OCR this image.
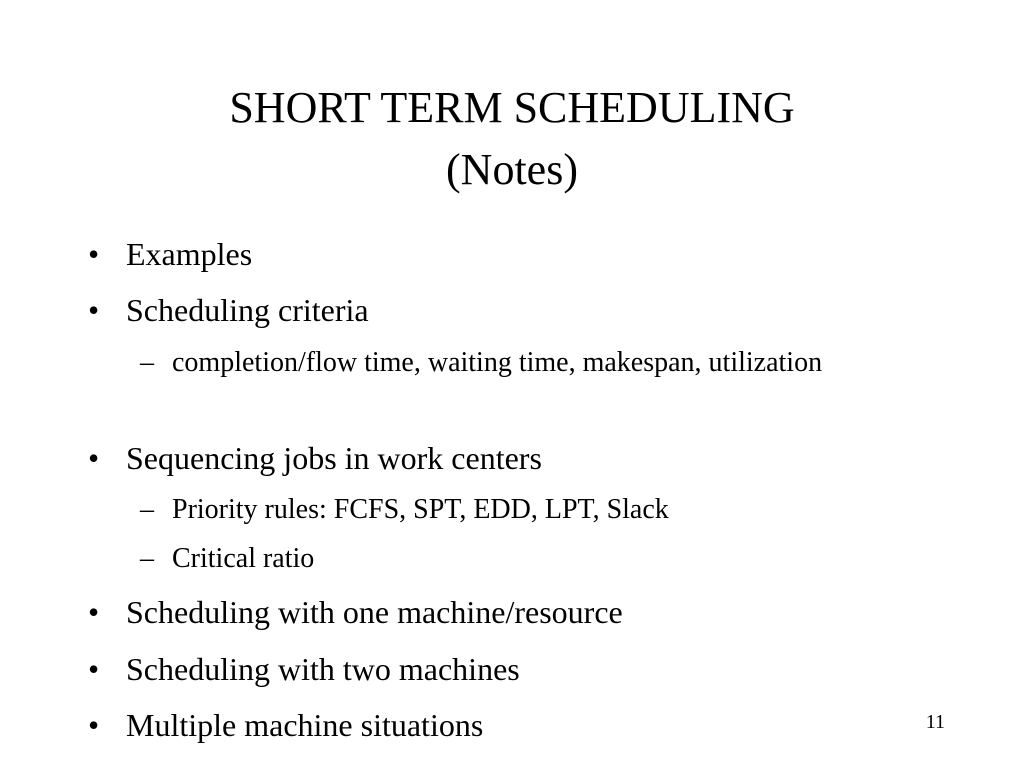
SHORT TERM SCHEDULING
(Notes)
• Examples
• Scheduling criteria
– completion/flow time, waiting time, makespan, utilization
• Sequencing jobs in work centers
– Priority rules: FCFS, SPT, EDD, LPT, Slack
– Critical ratio
• Scheduling with one machine/resource
• Scheduling with two machines
• Multiple machine situations	11
